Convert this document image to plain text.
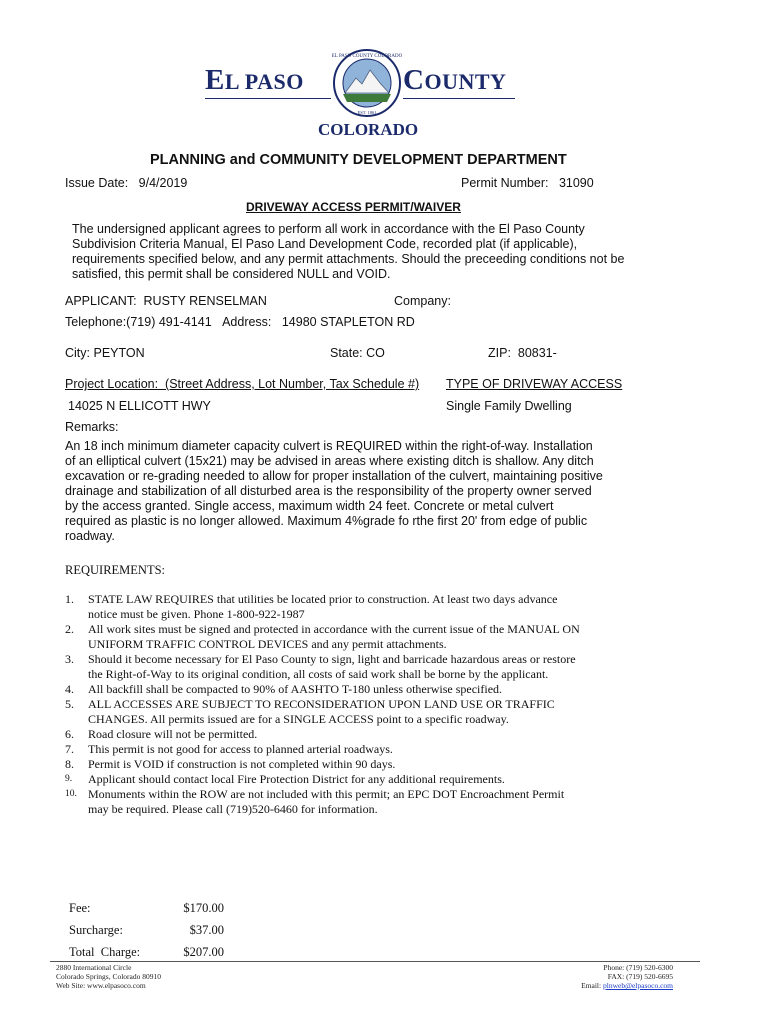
EL PASO	COUNTY
EL PASO COUNTY COLORADO
EST. 1861
COLORADO
PLANNING and COMMUNITY DEVELOPMENT DEPARTMENT
Issue Date: 9/4/2019	Permit Number: 31090
DRIVEWAY ACCESS PERMIT/WAIVER
The undersigned applicant agrees to perform all work in accordance with the El Paso County
Subdivision Criteria Manual, El Paso Land Development Code, recorded plat (if applicable),
requirements specified below, and any permit attachments. Should the preceeding conditions not be
satisfied, this permit shall be considered NULL and VOID.
APPLICANT: RUSTY RENSELMAN	Company:
Telephone:(719) 491-4141 Address: 14980 STAPLETON RD
City: PEYTON	State: CO	ZIP: 80831-
Project Location:  (Street Address, Lot Number, Tax Schedule #) TYPE OF DRIVEWAY ACCESS
14025 N ELLICOTT HWY	Single Family Dwelling
Remarks:
An 18 inch minimum diameter capacity culvert is REQUIRED within the right-of-way. Installation
of an elliptical culvert (15x21) may be advised in areas where existing ditch is shallow. Any ditch
excavation or re-grading needed to allow for proper installation of the culvert, maintaining positive
drainage and stabilization of all disturbed area is the responsibility of the property owner served
by the access granted. Single access, maximum width 24 feet. Concrete or metal culvert
required as plastic is no longer allowed. Maximum 4%grade fo rthe first 20' from edge of public
roadway.
REQUIREMENTS:
1. STATE LAW REQUIRES that utilities be located prior to construction. At least two days advance
notice must be given. Phone 1-800-922-1987
2. All work sites must be signed and protected in accordance with the current issue of the MANUAL ON
UNIFORM TRAFFIC CONTROL DEVICES and any permit attachments.
3. Should it become necessary for El Paso County to sign, light and barricade hazardous areas or restore
the Right-of-Way to its original condition, all costs of said work shall be borne by the applicant.
4. All backfill shall be compacted to 90% of AASHTO T-180 unless otherwise specified.
5. ALL ACCESSES ARE SUBJECT TO RECONSIDERATION UPON LAND USE OR TRAFFIC
CHANGES. All permits issued are for a SINGLE ACCESS point to a specific roadway.
6. Road closure will not be permitted.
7. This permit is not good for access to planned arterial roadways.
8. Permit is VOID if construction is not completed within 90 days.
9. Applicant should contact local Fire Protection District for any additional requirements.
10. Monuments within the ROW are not included with this permit; an EPC DOT Encroachment Permit
may be required. Please call (719)520-6460 for information.
Fee:	$170.00
Surcharge:	$37.00
Total  Charge:	$207.00
2880 International Circle
Colorado Springs, Colorado 80910
Web Site: www.elpasoco.com
Phone: (719) 520-6300
FAX: (719) 520-6695
Email: plnweb@elpasoco.com
